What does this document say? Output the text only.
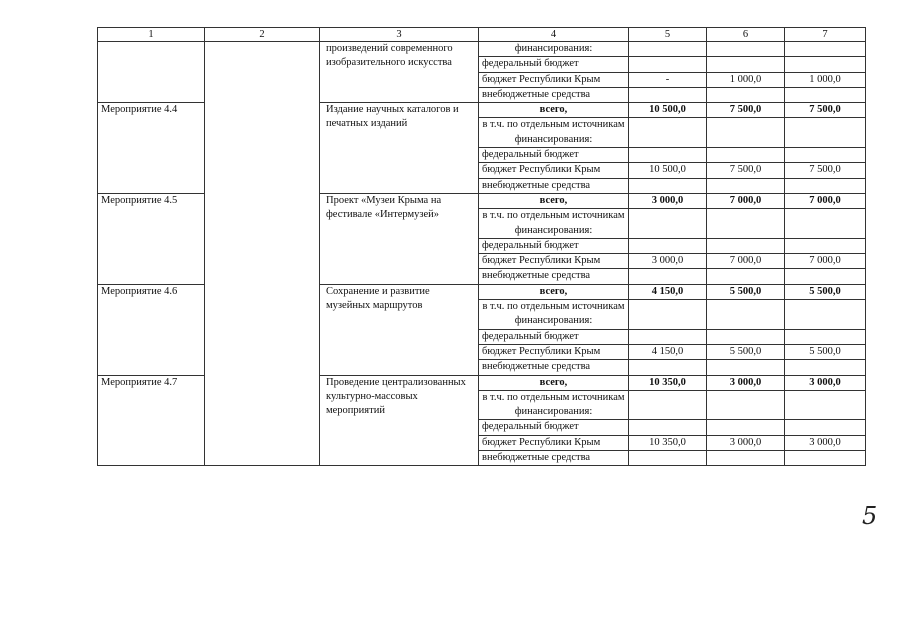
1	2	3	4	5	6	7
		произведений современного изобразительного искусства	финансирования:			
			федеральный бюджет			
			бюджет Республики Крым	-	1 000,0	1 000,0
			внебюджетные средства			
Мероприятие 4.4		Издание научных каталогов и печатных изданий	всего,	10 500,0	7 500,0	7 500,0
			в т.ч. по отдельным источникам финансирования:			
			федеральный бюджет			
			бюджет Республики Крым	10 500,0	7 500,0	7 500,0
			внебюджетные средства			
Мероприятие 4.5		Проект «Музеи Крыма на фестивале «Интермузей»	всего,	3 000,0	7 000,0	7 000,0
			в т.ч. по отдельным источникам финансирования:			
			федеральный бюджет			
			бюджет Республики Крым	3 000,0	7 000,0	7 000,0
			внебюджетные средства			
Мероприятие 4.6		Сохранение и развитие музейных маршрутов	всего,	4 150,0	5 500,0	5 500,0
			в т.ч. по отдельным источникам финансирования:			
			федеральный бюджет			
			бюджет Республики Крым	4 150,0	5 500,0	5 500,0
			внебюджетные средства			
Мероприятие 4.7		Проведение централизованных культурно-массовых мероприятий	всего,	10 350,0	3 000,0	3 000,0
			в т.ч. по отдельным источникам финансирования:			
			федеральный бюджет			
			бюджет Республики Крым	10 350,0	3 000,0	3 000,0
			внебюджетные средства			
5
